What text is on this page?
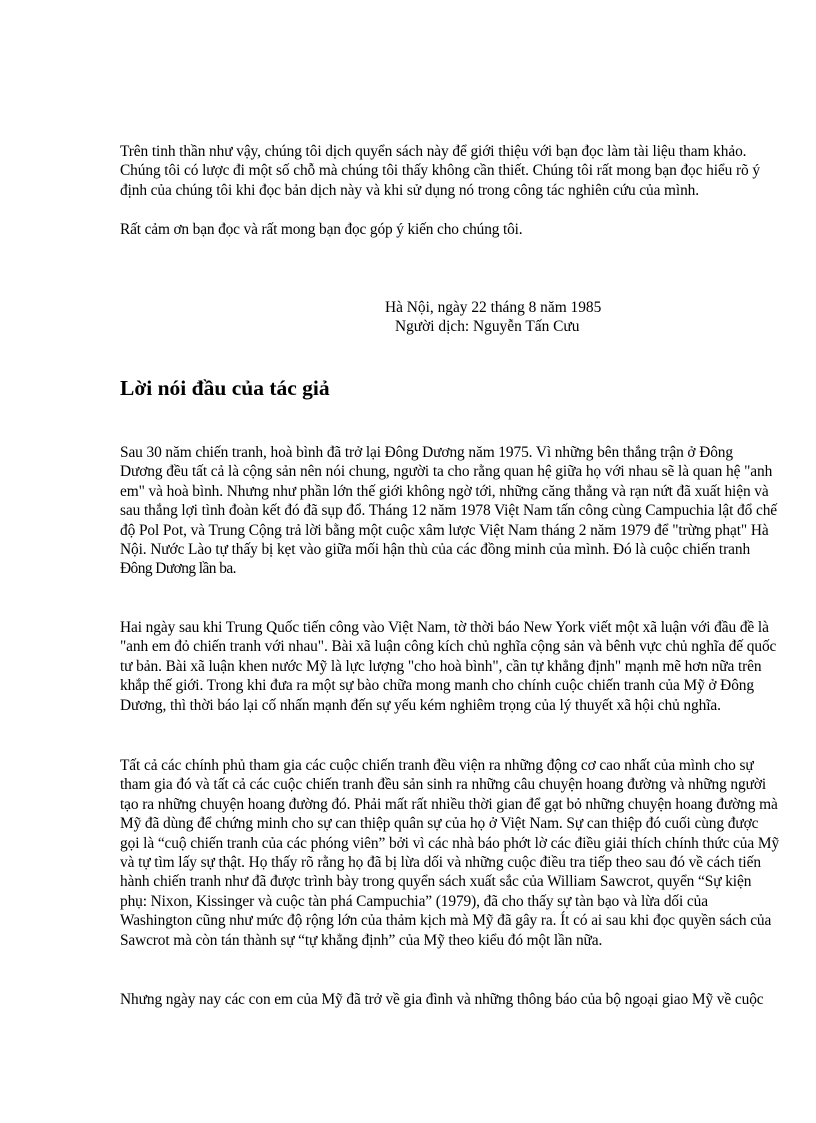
Trên tinh thần như vậy, chúng tôi dịch quyển sách này để giới thiệu với bạn đọc làm tài liệu tham khảo.
Chúng tôi có lược đi một số chỗ mà chúng tôi thấy không cần thiết. Chúng tôi rất mong bạn đọc hiểu rõ ý
định của chúng tôi khi đọc bản dịch này và khi sử dụng nó trong công tác nghiên cứu của mình.

Rất cảm ơn bạn đọc và rất mong bạn đọc góp ý kiến cho chúng tôi.

Hà Nội, ngày 22 tháng 8 năm 1985

Người dịch: Nguyễn Tấn Cưu

Lời nói đầu của tác giả

Sau 30 năm chiến tranh, hoà bình đã trở lại Đông Dương năm 1975. Vì những bên thắng trận ở Đông
Dương đều tất cả là cộng sản nên nói chung, người ta cho rằng quan hệ giữa họ với nhau sẽ là quan hệ "anh
em" và hoà bình. Nhưng như phần lớn thế giới không ngờ tới, những căng thẳng và rạn nứt đã xuất hiện và
sau thắng lợi tình đoàn kết đó đã sụp đổ. Tháng 12 năm 1978 Việt Nam tấn công cùng Campuchia lật đổ chế
độ Pol Pot, và Trung Cộng trả lời bằng một cuộc xâm lược Việt Nam tháng 2 năm 1979 để "trừng phạt" Hà
Nội. Nước Lào tự thấy bị kẹt vào giữa mối hận thù của các đồng minh của mình. Đó là cuộc chiến tranh
Đông Dương lần ba.

Hai ngày sau khi Trung Quốc tiến công vào Việt Nam, tờ thời báo New York viết một xã luận với đầu đề là
"anh em đỏ chiến tranh với nhau". Bài xã luận công kích chủ nghĩa cộng sản và bênh vực chủ nghĩa đế quốc
tư bản. Bài xã luận khen nước Mỹ là lực lượng "cho hoà bình", cần tự khẳng định" mạnh mẽ hơn nữa trên
khắp thế giới. Trong khi đưa ra một sự bào chữa mong manh cho chính cuộc chiến tranh của Mỹ ở Đông
Dương, thì thời báo lại cố nhấn mạnh đến sự yếu kém nghiêm trọng của lý thuyết xã hội chủ nghĩa.

Tất cả các chính phủ tham gia các cuộc chiến tranh đều viện ra những động cơ cao nhất của mình cho sự
tham gia đó và tất cả các cuộc chiến tranh đều sản sinh ra những câu chuyện hoang đường và những người
tạo ra những chuyện hoang đường đó. Phải mất rất nhiều thời gian để gạt bỏ những chuyện hoang đường mà
Mỹ đã dùng để chứng minh cho sự can thiệp quân sự của họ ở Việt Nam. Sự can thiệp đó cuối cùng được
gọi là “cuộ chiến tranh của các phóng viên” bởi vì các nhà báo phớt lờ các điều giải thích chính thức của Mỹ
và tự tìm lấy sự thật. Họ thấy rõ rằng họ đã bị lừa dối và những cuộc điều tra tiếp theo sau đó về cách tiến
hành chiến tranh như đã được trình bày trong quyển sách xuất sắc của William Sawcrot, quyển “Sự kiện
phụ: Nixon, Kissinger và cuộc tàn phá Campuchia” (1979), đã cho thấy sự tàn bạo và lừa dối của
Washington cũng như mức độ rộng lớn của thảm kịch mà Mỹ đã gây ra. Ít có ai sau khi đọc quyền sách của
Sawcrot mà còn tán thành sự “tự khẳng định” của Mỹ theo kiểu đó một lần nữa.

Nhưng ngày nay các con em của Mỹ đã trở về gia đình và những thông báo của bộ ngoại giao Mỹ về cuộc
